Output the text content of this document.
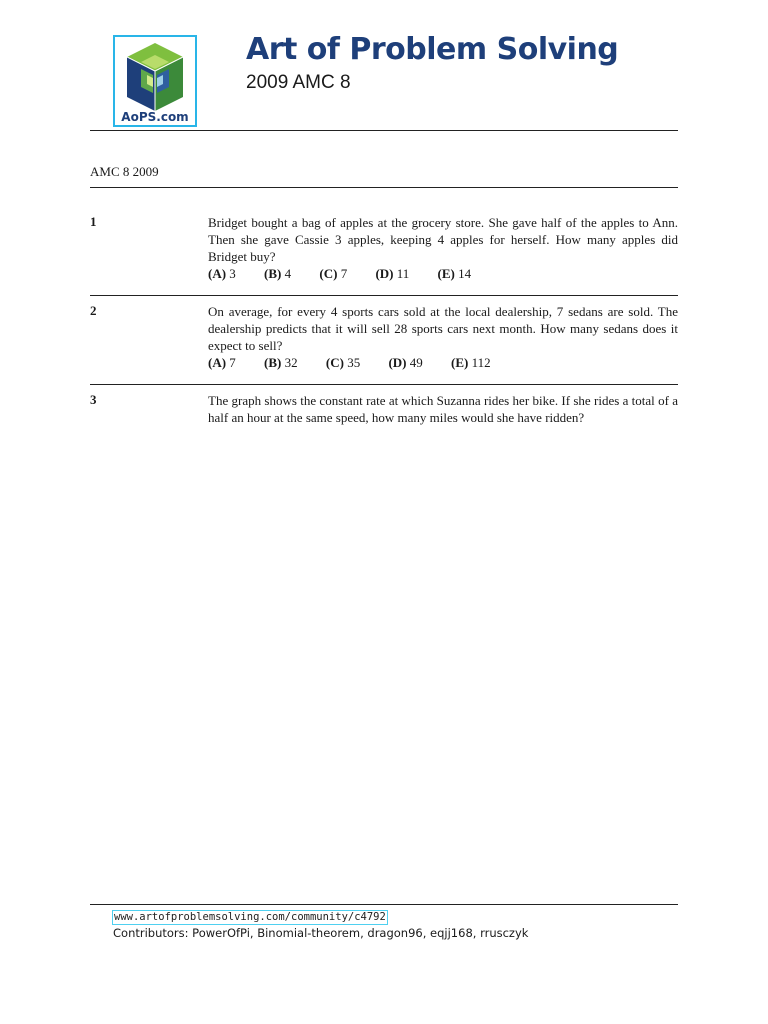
AoPS.com
Art of Problem Solving
2009 AMC 8
AMC 8 2009
1	Bridget bought a bag of apples at the grocery store. She gave half of the apples to Ann. Then she gave Cassie 3 apples, keeping 4 apples for herself. How many apples did Bridget buy?
(A) 3 (B) 4 (C) 7 (D) 11 (E) 14
2	On average, for every 4 sports cars sold at the local dealership, 7 sedans are sold. The dealership predicts that it will sell 28 sports cars next month. How many sedans does it expect to sell?
(A) 7 (B) 32 (C) 35 (D) 49 (E) 112
3	The graph shows the constant rate at which Suzanna rides her bike. If she rides a total of a half an hour at the same speed, how many miles would she have ridden?
www.artofproblemsolving.com/community/c4792
Contributors: PowerOfPi, Binomial-theorem, dragon96, eqjj168, rrusczyk
